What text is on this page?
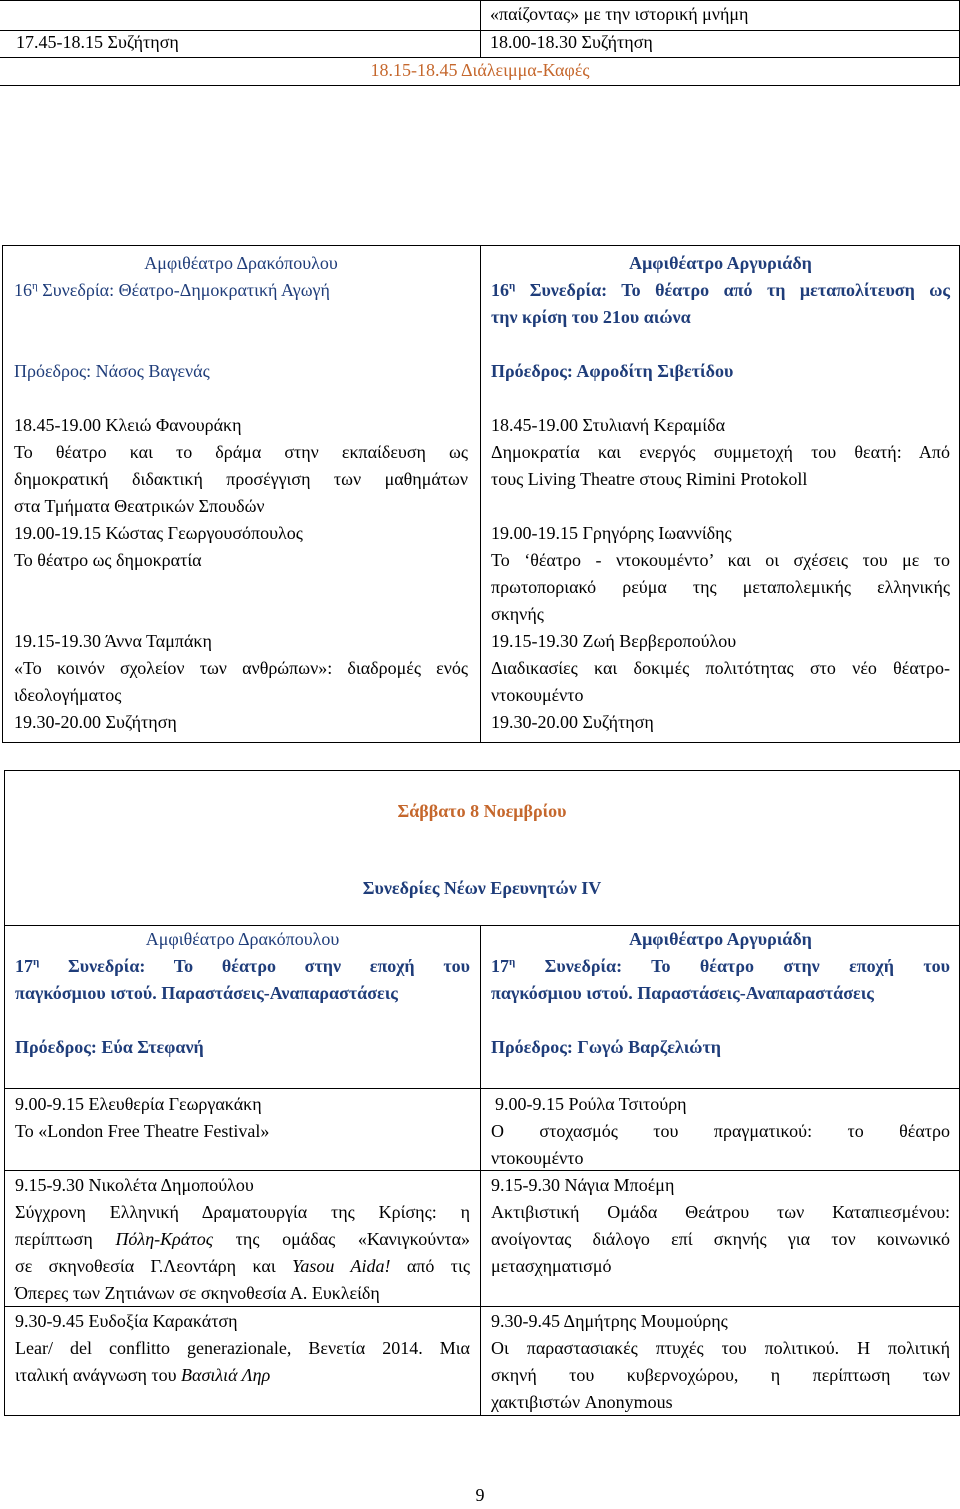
«παίζοντας» με την ιστορική μνήμη
17.45-18.15 Συζήτηση	18.00-18.30 Συζήτηση
18.15-18.45 Διάλειμμα-Καφές
Αμφιθέατρο Δρακόπουλου
$16^\eta$ Συνεδρία: Θέατρο-Δημοκρατική Αγωγή
Πρόεδρος: Νάσος Βαγενάς
18.45-19.00 Κλειώ Φανουράκη
Το θέατρο και το δράμα στην εκπαίδευση ως
δημοκρατική διδακτική προσέγγιση των μαθημάτων
στα Τμήματα Θεατρικών Σπουδών
19.00-19.15 Κώστας Γεωργουσόπουλος
Το θέατρο ως δημοκρατία
19.15-19.30 Άννα Ταμπάκη
«Το κοινόν σχολείον των ανθρώπων»: διαδρομές ενός
ιδεολογήματος
19.30-20.00 Συζήτηση
Αμφιθέατρο Αργυριάδη
$16^\eta$ Συνεδρία: Το θέατρο από τη μεταπολίτευση ως
την κρίση του 21ου αιώνα
Πρόεδρος: Αφροδίτη Σιβετίδου
18.45-19.00 Στυλιανή Κεραμίδα
Δημοκρατία και ενεργός συμμετοχή του θεατή: Από
τους Living Theatre στους Rimini Protokoll
19.00-19.15 Γρηγόρης Ιωαννίδης
Το ‘θέατρο - ντοκουμέντο’ και οι σχέσεις του με το
πρωτοποριακό ρεύμα της μεταπολεμικής ελληνικής
σκηνής
19.15-19.30 Ζωή Βερβεροπούλου
Διαδικασίες και δοκιμές πολιτότητας στο νέο θέατρο-
ντοκουμέντο
19.30-20.00 Συζήτηση
Σάββατο 8 Νοεμβρίου
Συνεδρίες Νέων Ερευνητών IV
Αμφιθέατρο Δρακόπουλου
$17^\eta$ Συνεδρία: Το θέατρο στην εποχή του
παγκόσμιου ιστού. Παραστάσεις-Αναπαραστάσεις
Πρόεδρος: Εύα Στεφανή
Αμφιθέατρο Αργυριάδη
$17^\eta$ Συνεδρία: Το θέατρο στην εποχή του
παγκόσμιου ιστού. Παραστάσεις-Αναπαραστάσεις
Πρόεδρος: Γωγώ Βαρζελιώτη
9.00-9.15 Ελευθερία Γεωργακάκη
Το «London Free Theatre Festival»
9.15-9.30 Νικολέτα Δημοπούλου
Σύγχρονη Ελληνική Δραματουργία της Κρίσης: η
περίπτωση Πόλη-Κράτος της ομάδας «Κανιγκούντα»
σε σκηνοθεσία Γ.Λεοντάρη και Yasou Aida! από τις
Όπερες των Ζητιάνων σε σκηνοθεσία Α. Ευκλείδη
9.30-9.45 Ευδοξία Καρακάτση
Lear/ del conflitto generazionale, Βενετία 2014. Μια
ιταλική ανάγνωση του Βασιλιά Ληρ
9.00-9.15 Ρούλα Τσιτούρη
Ο στοχασμός του πραγματικού: το θέατρο
ντοκουμέντο
9.15-9.30 Νάγια Μποέμη
Ακτιβιστική Ομάδα Θεάτρου των Καταπιεσμένου:
ανοίγοντας διάλογο επί σκηνής για τον κοινωνικό
μετασχηματισμό
9.30-9.45 Δημήτρης Μουμούρης
Οι παραστασιακές πτυχές του πολιτικού. Η πολιτική
σκηνή του κυβερνοχώρου, η περίπτωση των
χακτιβιστών Anonymous
9
